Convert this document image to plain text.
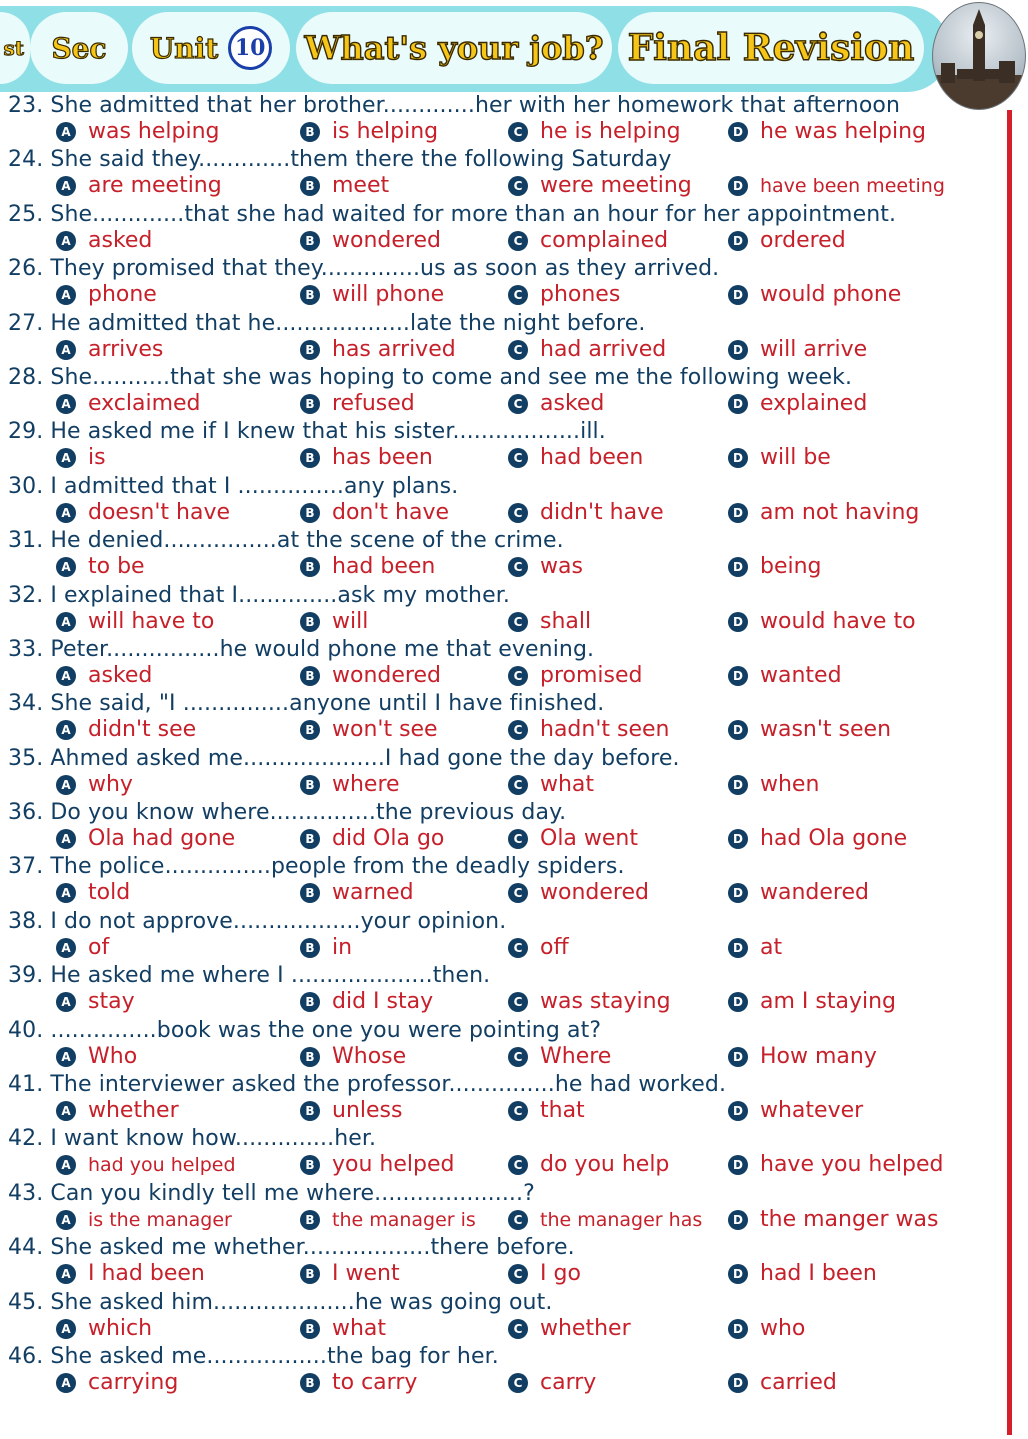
st Sec	Unit 10 What's your job? Final Revision
23. She admitted that her brother.............her with her homework that afternoon
A was helping	B is helping	C he is helping	D he was helping
24. She said they.............them there the following Saturday
A are meeting	B meet	C were meeting	D have been meeting
25. She.............that she had waited for more than an hour for her appointment.
A asked	B wondered	C complained	D ordered
26. They promised that they..............us as soon as they arrived.
A phone	B will phone	C phones	D would phone
27. He admitted that he...................late the night before.
A arrives	B has arrived	C had arrived	D will arrive
28. She...........that she was hoping to come and see me the following week.
A exclaimed	B refused	C asked	D explained
29. He asked me if I knew that his sister..................ill.
A is	B has been	C had been	D will be
30. I admitted that I ...............any plans.
A doesn't have	B don't have	C didn't have	D am not having
31. He denied................at the scene of the crime.
A to be	B had been	C was	D being
32. I explained that I..............ask my mother.
A will have to	B will	C shall	D would have to
33. Peter................he would phone me that evening.
A asked	B wondered	C promised	D wanted
34. She said, "I ...............anyone until I have finished.
A didn't see	B won't see	C hadn't seen	D wasn't seen
35. Ahmed asked me....................I had gone the day before.
A why	B where	C what	D when
36. Do you know where...............the previous day.
A Ola had gone	B did Ola go	C Ola went	D had Ola gone
37. The police...............people from the deadly spiders.
A told	B warned	C wondered	D wandered
38. I do not approve..................your opinion.
A of	B in	C off	D at
39. He asked me where I ....................then.
A stay	B did I stay	C was staying	D am I staying
40. ...............book was the one you were pointing at?
A Who	B Whose	C Where	D How many
41. The interviewer asked the professor...............he had worked.
A whether	B unless	C that	D whatever
42. I want know how..............her.
A had you helped	B you helped	C do you help	D have you helped
43. Can you kindly tell me where.....................?
A is the manager	B the manager is	C the manager has	D the manger was
44. She asked me whether..................there before.
A I had been	B I went	C I go	D had I been
45. She asked him....................he was going out.
A which	B what	C whether	D who
46. She asked me.................the bag for her.
A carrying	B to carry	C carry	D carried
